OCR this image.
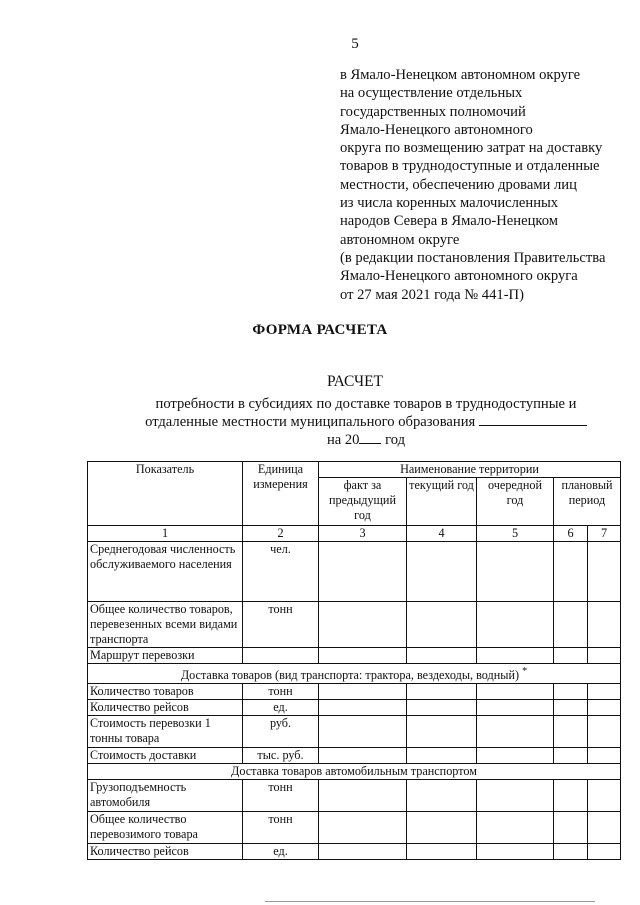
5
в Ямало-Ненецком автономном округе
на осуществление отдельных
государственных полномочий
Ямало-Ненецкого автономного
округа по возмещению затрат на доставку
товаров в труднодоступные и отдаленные
местности, обеспечению дровами лиц
из числа коренных малочисленных
народов Севера в Ямало-Ненецком
автономном округе
(в редакции постановления Правительства
Ямало-Ненецкого автономного округа
от 27 мая 2021 года № 441-П)
ФОРМА РАСЧЕТА
РАСЧЕТ
потребности в субсидиях по доставке товаров в труднодоступные и
отдаленные местности муниципального образования
на 20 год
Показатель	Единица измерения	Наименование территории				
		факт за предыдущий год	текущий год	очередной год	плановый период	
1	2	3	4	5	6	7
Среднегодовая численность обслуживаемого населения	чел.					
Общее количество товаров, перевезенных всеми видами транспорта	тонн					
Маршрут перевозки						
Доставка товаров (вид транспорта: трактора, вездеходы, водный) *
Количество товаров	тонн					
Количество рейсов	ед.					
Стоимость перевозки 1 тонны товара	руб.					
Стоимость доставки	тыс. руб.					
Доставка товаров автомобильным транспортом						
Грузоподъемность автомобиля	тонн					
Общее количество перевозимого товара	тонн					
Количество рейсов	ед.					
